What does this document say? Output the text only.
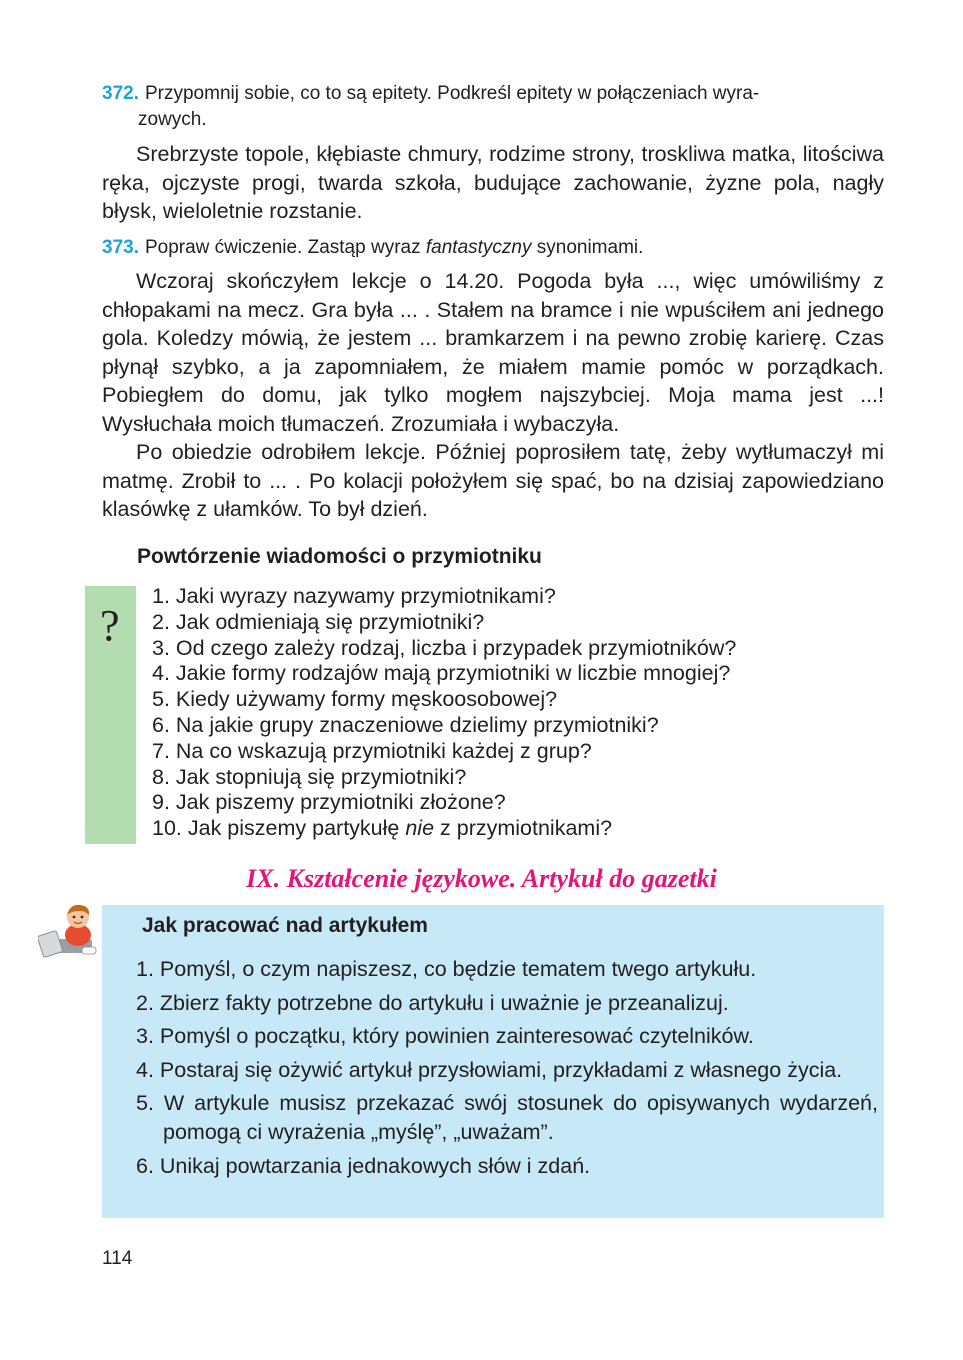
372. Przypomnij sobie, co to są epitety. Podkreśl epitety w połączeniach wyra-
zowych.

Srebrzyste topole, kłębiaste chmury, rodzime strony, troskliwa matka, litościwa ręka, ojczyste progi, twarda szkoła, budujące zachowanie, żyzne pola, nagły błysk, wieloletnie rozstanie.

373. Popraw ćwiczenie. Zastąp wyraz fantastyczny synonimami.

Wczoraj skończyłem lekcje o 14.20. Pogoda była ..., więc umówiliśmy z chłopakami na mecz. Gra była ... . Stałem na bramce i nie wpuściłem ani jednego gola. Koledzy mówią, że jestem ... bramkarzem i na pewno zrobię karierę. Czas płynął szybko, a ja zapomniałem, że miałem mamie pomóc w porządkach. Pobiegłem do domu, jak tylko mogłem najszybciej. Moja mama jest ...! Wysłuchała moich tłumaczeń. Zrozumiała i wybaczyła.

Po obiedzie odrobiłem lekcje. Później poprosiłem tatę, żeby wytłumaczył mi matmę. Zrobił to ... . Po kolacji położyłem się spać, bo na dzisiaj zapowiedziano klasówkę z ułamków. To był dzień.

Powtórzenie wiadomości o przymiotniku
?
1. Jaki wyrazy nazywamy przymiotnikami?
2. Jak odmieniają się przymiotniki?
3. Od czego zależy rodzaj, liczba i przypadek przymiotników?
4. Jakie formy rodzajów mają przymiotniki w liczbie mnogiej?
5. Kiedy używamy formy męskoosobowej?
6. Na jakie grupy znaczeniowe dzielimy przymiotniki?
7. Na co wskazują przymiotniki każdej z grup?
8. Jak stopniują się przymiotniki?
9. Jak piszemy przymiotniki złożone?
10. Jak piszemy partykułę nie z przymiotnikami?
IX. Kształcenie językowe. Artykuł do gazetki
Jak pracować nad artykułem
1. Pomyśl, o czym napiszesz, co będzie tematem twego artykułu.
2. Zbierz fakty potrzebne do artykułu i uważnie je przeanalizuj.
3. Pomyśl o początku, który powinien zainteresować czytelników.
4. Postaraj się ożywić artykuł przysłowiami, przykładami z własnego życia.
5. W artykule musisz przekazać swój stosunek do opisywanych wydarzeń, pomogą ci wyrażenia „myślę”, „uważam”.
6. Unikaj powtarzania jednakowych słów i zdań.
114
